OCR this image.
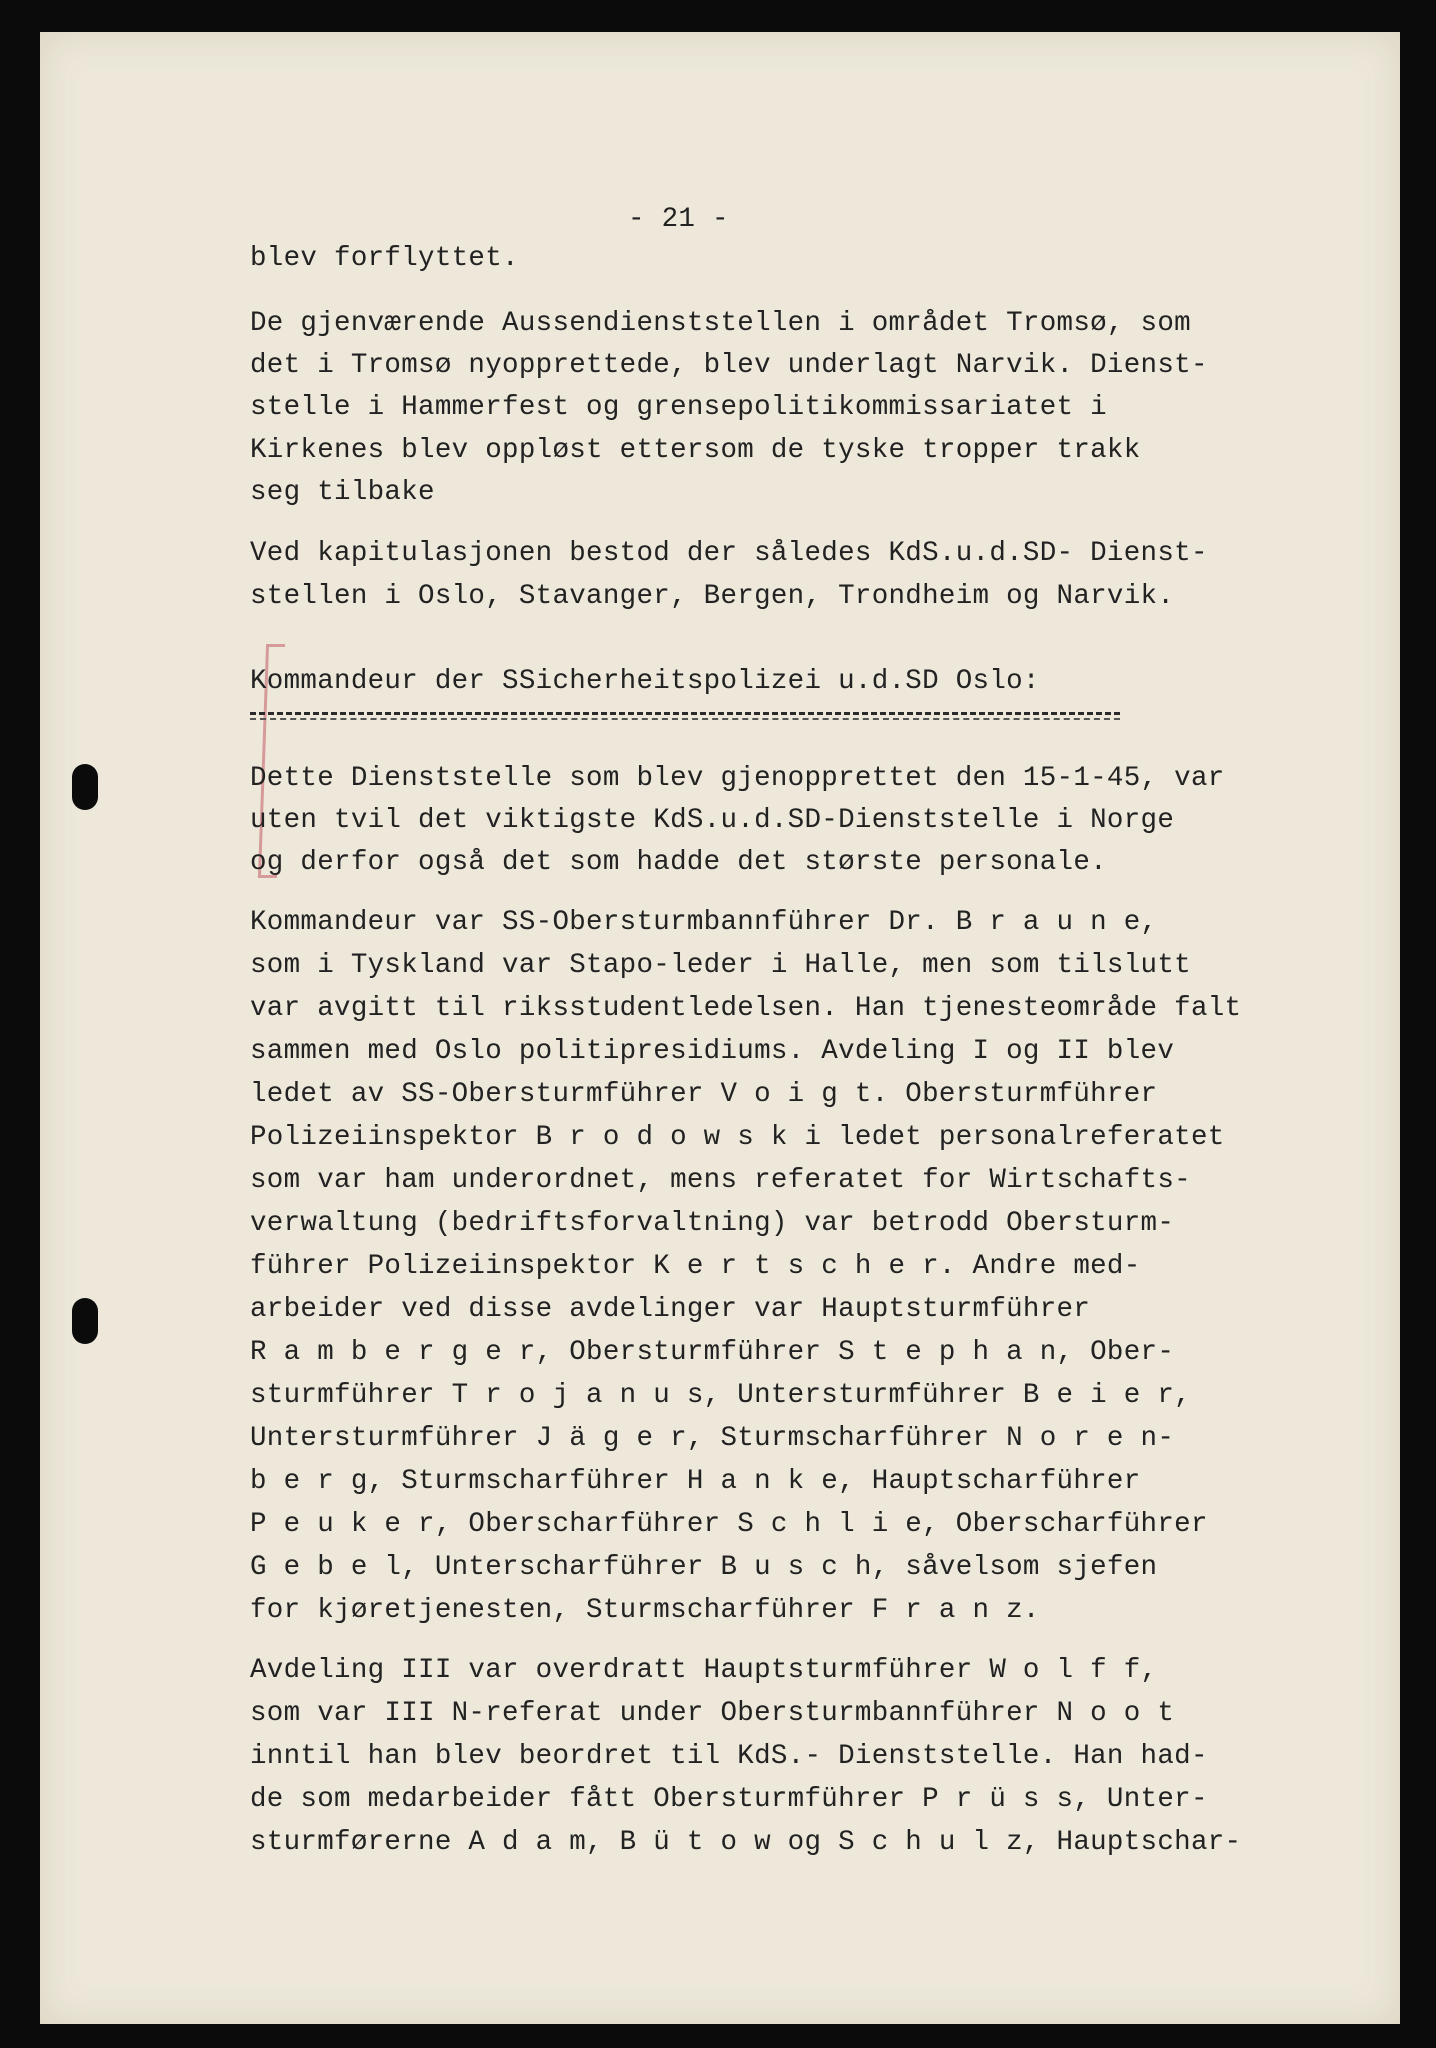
- 21 -
blev forflyttet.
De gjenværende Aussendienststellen i området Tromsø, som
det i Tromsø nyopprettede, blev underlagt Narvik. Dienst-
stelle i Hammerfest og grensepolitikommissariatet i
Kirkenes blev oppløst ettersom de tyske tropper trakk
seg tilbake
Ved kapitulasjonen bestod der således KdS.u.d.SD- Dienst-
stellen i Oslo, Stavanger, Bergen, Trondheim og Narvik.
Kommandeur der SSicherheitspolizei u.d.SD Oslo:
Dette Dienststelle som blev gjenopprettet den 15-1-45, var
uten tvil det viktigste KdS.u.d.SD-Dienststelle i Norge
og derfor også det som hadde det største personale.
Kommandeur var SS-Obersturmbannführer Dr. B r a u n e,
som i Tyskland var Stapo-leder i Halle, men som tilslutt
var avgitt til riksstudentledelsen. Han tjenesteområde falt
sammen med Oslo politipresidiums. Avdeling I og II blev
ledet av SS-Obersturmführer V o i g t. Obersturmführer
Polizeiinspektor B r o d o w s k i ledet personalreferatet
som var ham underordnet, mens referatet for Wirtschafts-
verwaltung (bedriftsforvaltning) var betrodd Obersturm-
führer Polizeiinspektor K e r t s c h e r. Andre med-
arbeider ved disse avdelinger var Hauptsturmführer
R a m b e r g e r, Obersturmführer S t e p h a n, Ober-
sturmführer T r o j a n u s, Untersturmführer B e i e r,
Untersturmführer J ä g e r, Sturmscharführer N o r e n-
b e r g, Sturmscharführer H a n k e, Hauptscharführer
P e u k e r, Oberscharführer S c h l i e, Oberscharführer
G e b e l, Unterscharführer B u s c h, såvelsom sjefen
for kjøretjenesten, Sturmscharführer F r a n z.
Avdeling III var overdratt Hauptsturmführer W o l f f,
som var III N-referat under Obersturmbannführer N o o t
inntil han blev beordret til KdS.- Dienststelle. Han had-
de som medarbeider fått Obersturmführer P r ü s s, Unter-
sturmførerne A d a m, B ü t o w og S c h u l z, Hauptschar-
